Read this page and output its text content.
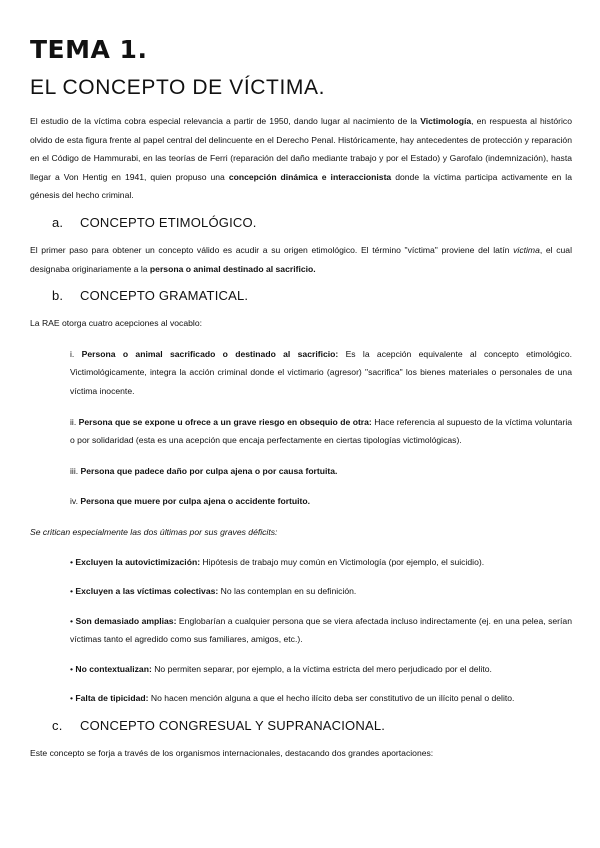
TEMA 1.
EL CONCEPTO DE VÍCTIMA.

El estudio de la víctima cobra especial relevancia a partir de 1950, dando lugar al nacimiento de la Victimología, en respuesta al histórico olvido de esta figura frente al papel central del delincuente en el Derecho Penal. Históricamente, hay antecedentes de protección y reparación en el Código de Hammurabi, en las teorías de Ferri (reparación del daño mediante trabajo y por el Estado) y Garofalo (indemnización), hasta llegar a Von Hentig en 1941, quien propuso una concepción dinámica e interaccionista donde la víctima participa activamente en la génesis del hecho criminal.

a.	CONCEPTO ETIMOLÓGICO.

El primer paso para obtener un concepto válido es acudir a su origen etimológico. El término "víctima" proviene del latín victima, el cual designaba originariamente a la persona o animal destinado al sacrificio.

b.	CONCEPTO GRAMATICAL.

La RAE otorga cuatro acepciones al vocablo:

i. Persona o animal sacrificado o destinado al sacrificio: Es la acepción equivalente al concepto etimológico. Victimológicamente, integra la acción criminal donde el victimario (agresor) "sacrifica" los bienes materiales o personales de una víctima inocente.

ii. Persona que se expone u ofrece a un grave riesgo en obsequio de otra: Hace referencia al supuesto de la víctima voluntaria o por solidaridad (esta es una acepción que encaja perfectamente en ciertas tipologías victimológicas).

iii. Persona que padece daño por culpa ajena o por causa fortuita.

iv. Persona que muere por culpa ajena o accidente fortuito.

Se critican especialmente las dos últimas por sus graves déficits:

• Excluyen la autovictimización: Hipótesis de trabajo muy común en Victimología (por ejemplo, el suicidio).

• Excluyen a las víctimas colectivas: No las contemplan en su definición.

• Son demasiado amplias: Englobarían a cualquier persona que se viera afectada incluso indirectamente (ej. en una pelea, serían víctimas tanto el agredido como sus familiares, amigos, etc.).

• No contextualizan: No permiten separar, por ejemplo, a la víctima estricta del mero perjudicado por el delito.

• Falta de tipicidad: No hacen mención alguna a que el hecho ilícito deba ser constitutivo de un ilícito penal o delito.

c.	CONCEPTO CONGRESUAL Y SUPRANACIONAL.

Este concepto se forja a través de los organismos internacionales, destacando dos grandes aportaciones:
